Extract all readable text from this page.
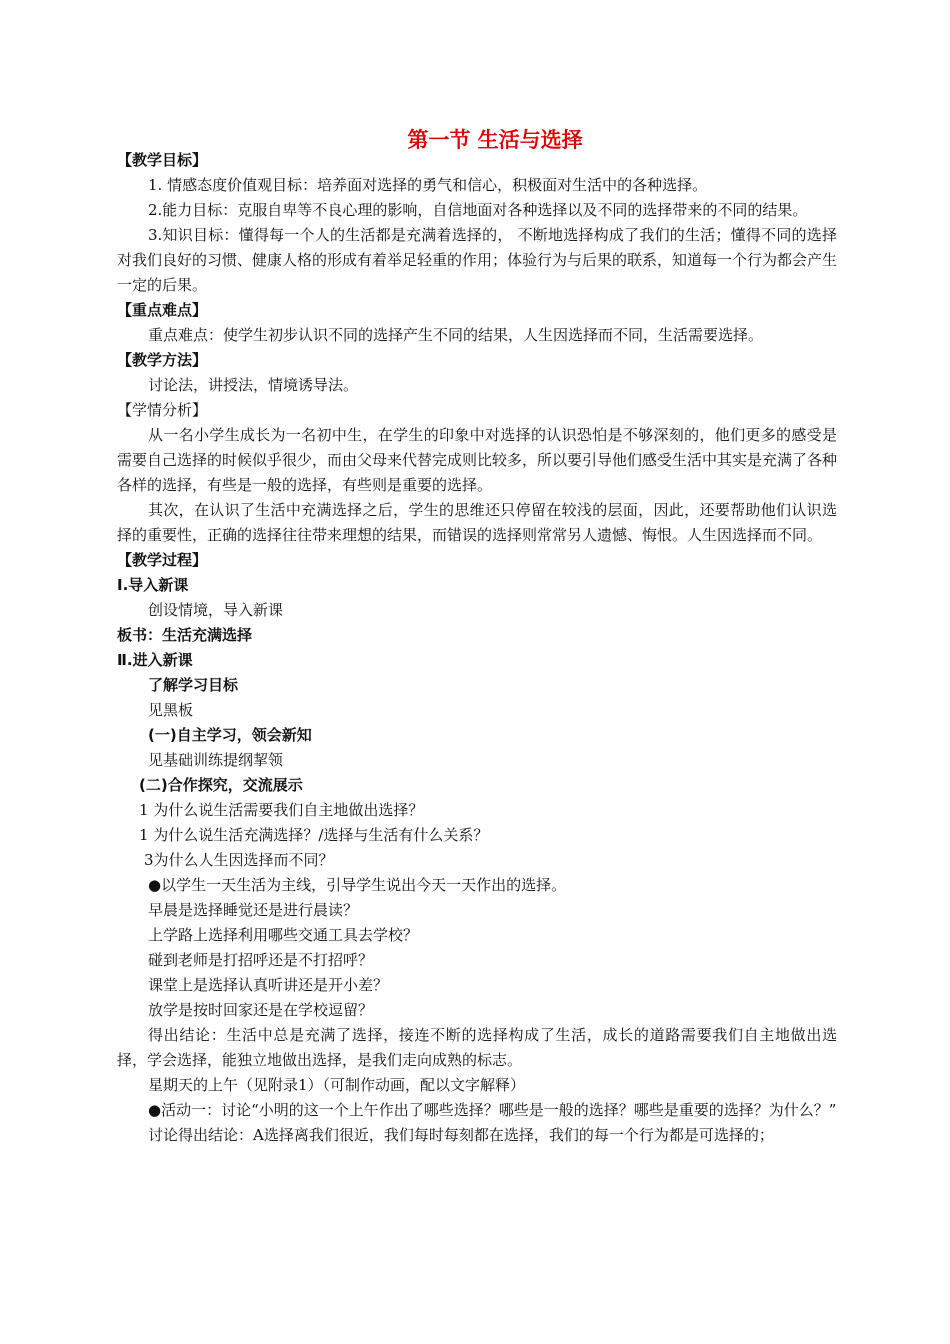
第一节 生活与选择
【教学目标】
1. 情感态度价值观目标：培养面对选择的勇气和信心，积极面对生活中的各种选择。
2.能力目标：克服自卑等不良心理的影响，自信地面对各种选择以及不同的选择带来的不同的结果。
3.知识目标：懂得每一个人的生活都是充满着选择的， 不断地选择构成了我们的生活；懂得不同的选择对我们良好的习惯、健康人格的形成有着举足轻重的作用；体验行为与后果的联系，知道每一个行为都会产生一定的后果。
【重点难点】
重点难点：使学生初步认识不同的选择产生不同的结果，人生因选择而不同，生活需要选择。
【教学方法】
讨论法，讲授法，情境诱导法。
【学情分析】
从一名小学生成长为一名初中生，在学生的印象中对选择的认识恐怕是不够深刻的，他们更多的感受是需要自己选择的时候似乎很少，而由父母来代替完成则比较多，所以要引导他们感受生活中其实是充满了各种各样的选择，有些是一般的选择，有些则是重要的选择。
其次，在认识了生活中充满选择之后，学生的思维还只停留在较浅的层面，因此，还要帮助他们认识选择的重要性，正确的选择往往带来理想的结果，而错误的选择则常常另人遗憾、悔恨。人生因选择而不同。
【教学过程】
Ⅰ.导入新课
创设情境，导入新课
板书：生活充满选择
Ⅱ.进入新课
了解学习目标
见黑板
(一)自主学习，领会新知
见基础训练提纲挈领
(二)合作探究，交流展示
1 为什么说生活需要我们自主地做出选择？
1 为什么说生活充满选择？/选择与生活有什么关系？
3为什么人生因选择而不同？
●以学生一天生活为主线，引导学生说出今天一天作出的选择。
早晨是选择睡觉还是进行晨读？
上学路上选择利用哪些交通工具去学校？
碰到老师是打招呼还是不打招呼？
课堂上是选择认真听讲还是开小差？
放学是按时回家还是在学校逗留？
得出结论：生活中总是充满了选择，接连不断的选择构成了生活，成长的道路需要我们自主地做出选择，学会选择，能独立地做出选择，是我们走向成熟的标志。
星期天的上午（见附录1）（可制作动画，配以文字解释）
●活动一：讨论“小明的这一个上午作出了哪些选择？哪些是一般的选择？哪些是重要的选择？为什么？”
讨论得出结论：A选择离我们很近，我们每时每刻都在选择，我们的每一个行为都是可选择的；
